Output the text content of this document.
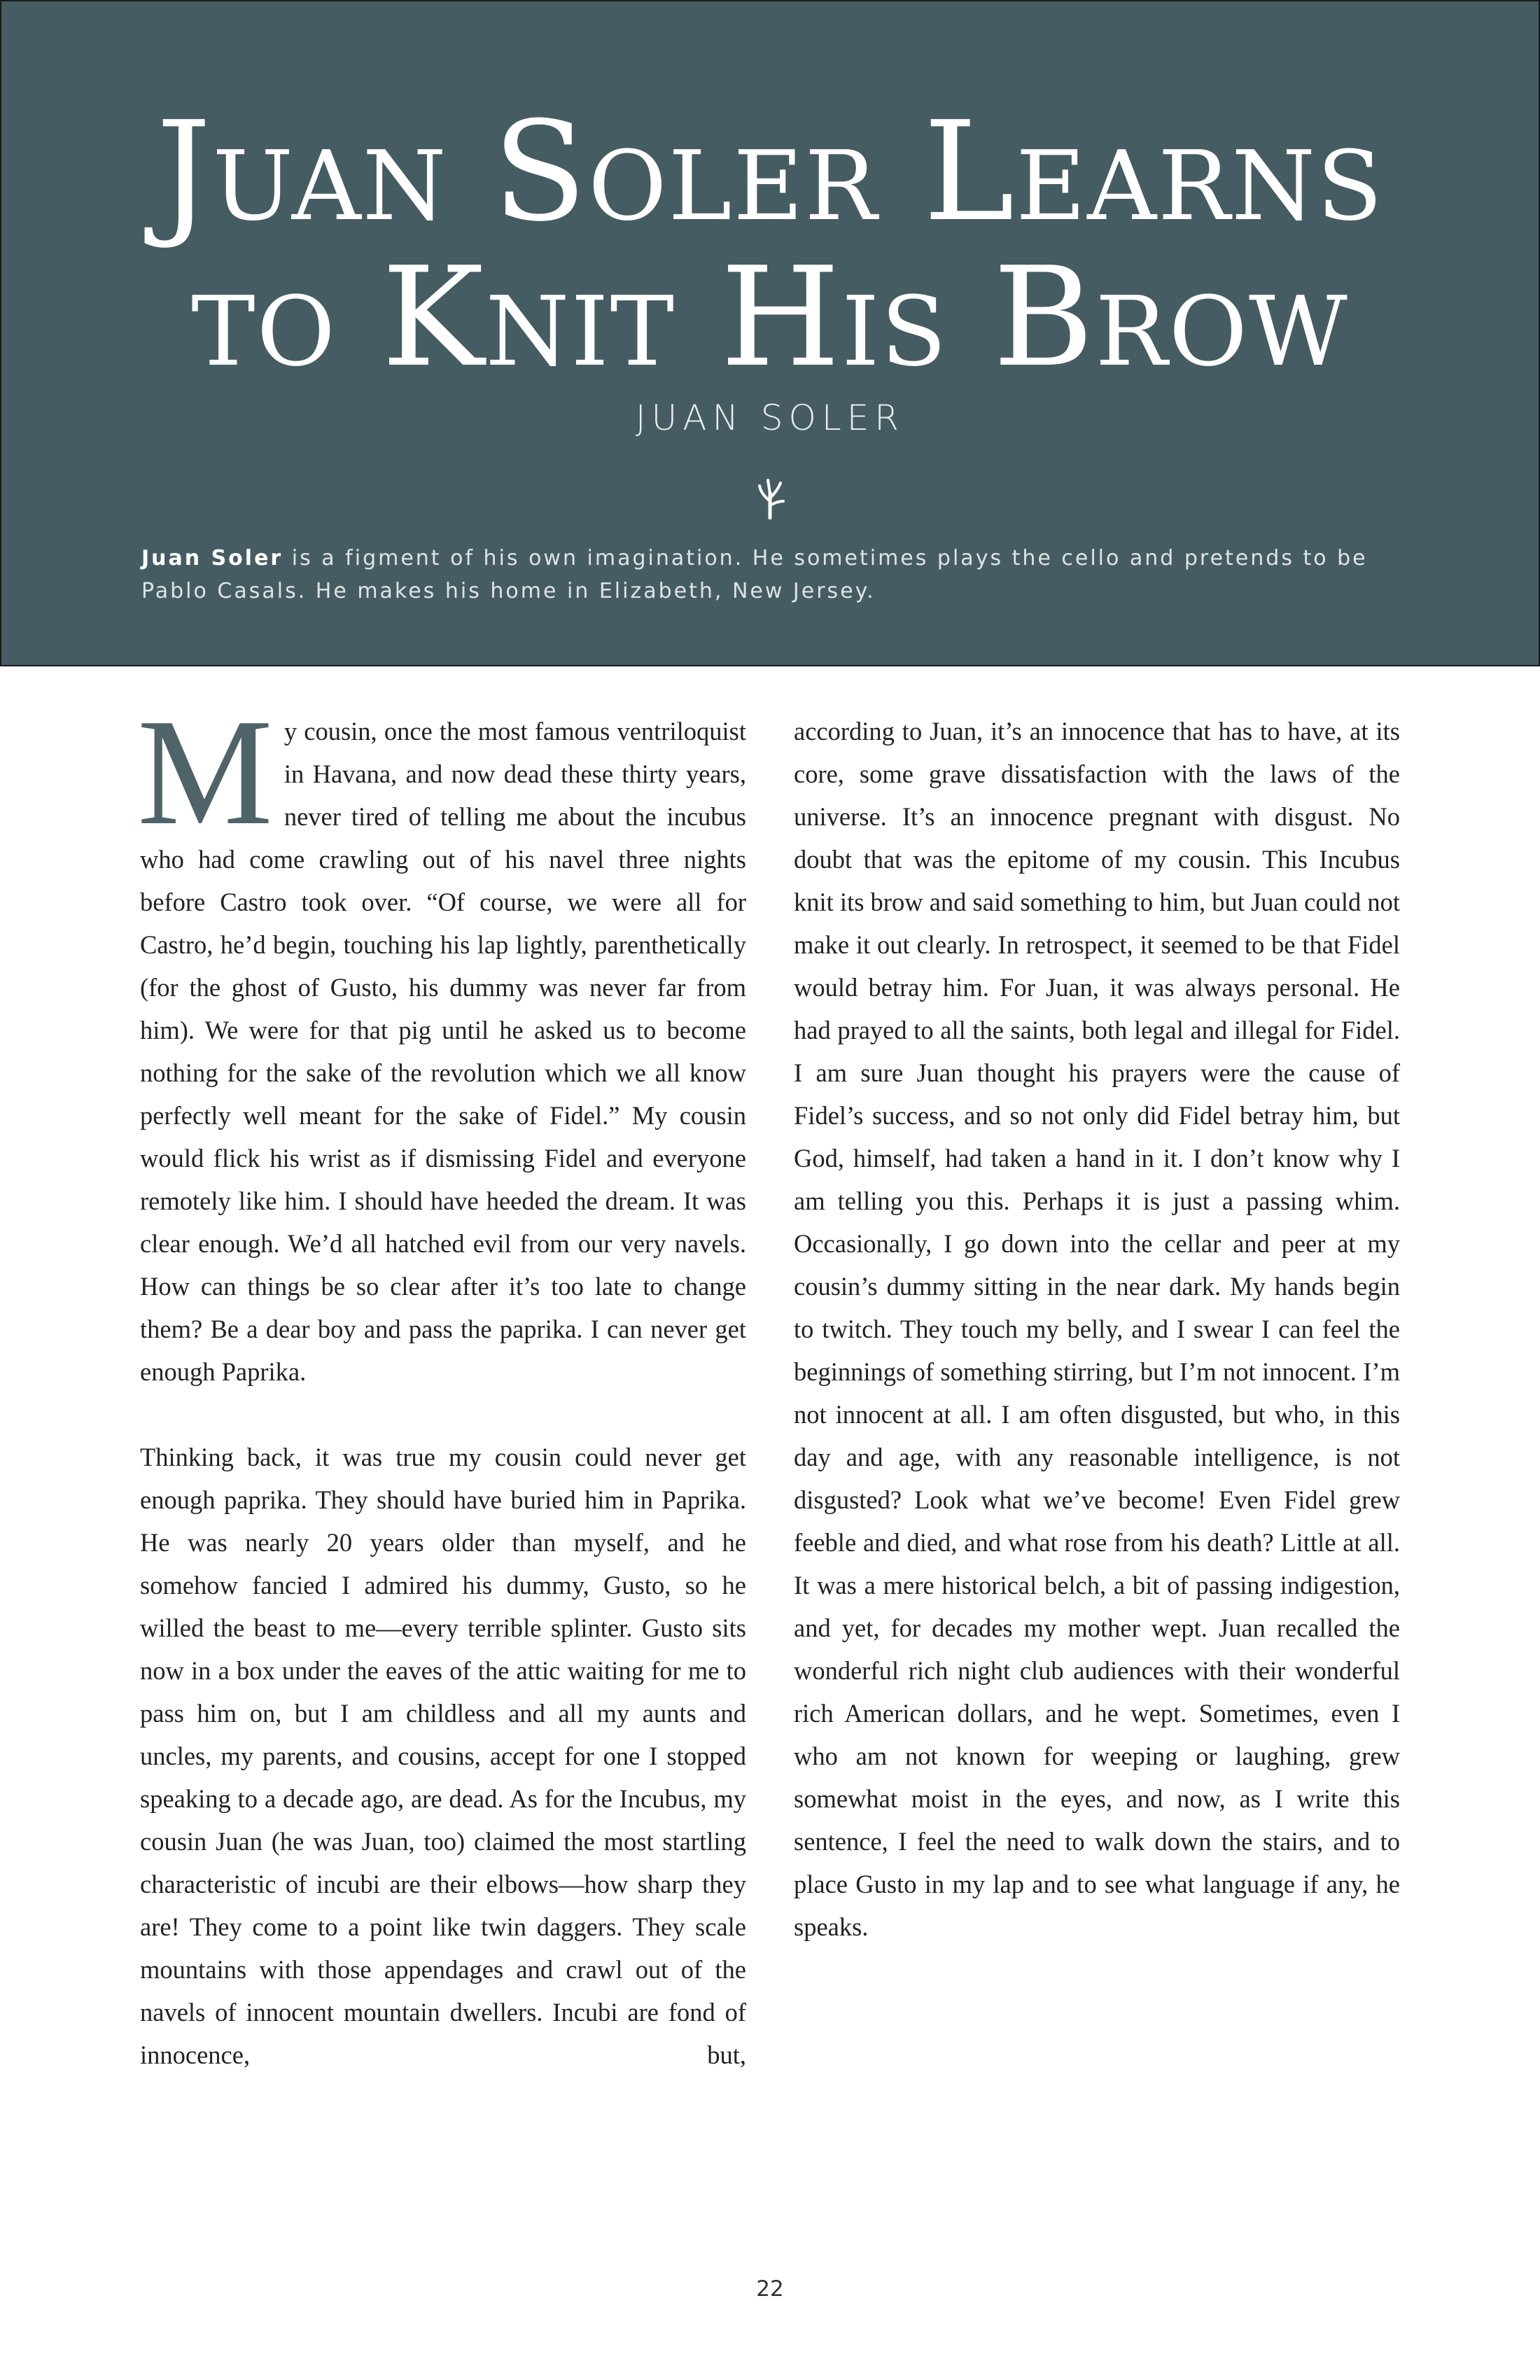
Juan Soler Learns
to Knit His Brow
JUAN SOLER
Juan Soler is a figment of his own imagination. He sometimes plays the cello and pretends to be Pablo Casals. He makes his home in Elizabeth, New Jersey.
M y cousin, once the most famous ventriloquist in Havana, and now dead these thirty years, never tired of telling me about the incubus who had come crawling out of his navel three nights before Castro took over. “Of course, we were all for Castro, he’d begin, touching his lap lightly, parenthetically (for the ghost of Gusto, his dummy was never far from him). We were for that pig until he asked us to become nothing for the sake of the revolution which we all know perfectly well meant for the sake of Fidel.” My cousin would flick his wrist as if dismissing Fidel and everyone remotely like him. I should have heeded the dream. It was clear enough. We’d all hatched evil from our very navels. How can things be so clear after it’s too late to change them? Be a dear boy and pass the paprika. I can never get enough Paprika.

Thinking back, it was true my cousin could never get enough paprika. They should have buried him in Paprika. He was nearly 20 years older than myself, and he somehow fancied I admired his dummy, Gusto, so he willed the beast to me—every terrible splinter. Gusto sits now in a box under the eaves of the attic waiting for me to pass him on, but I am childless and all my aunts and uncles, my parents, and cousins, accept for one I stopped speaking to a decade ago, are dead. As for the Incubus, my cousin Juan (he was Juan, too) claimed the most startling characteristic of incubi are their elbows—how sharp they are! They come to a point like twin daggers. They scale mountains with those appendages and crawl out of the navels of innocent mountain dwellers. Incubi are fond of innocence, but,

according to Juan, it’s an innocence that has to have, at its core, some grave dissatisfaction with the laws of the universe. It’s an innocence pregnant with disgust. No doubt that was the epitome of my cousin. This Incubus knit its brow and said something to him, but Juan could not make it out clearly. In retrospect, it seemed to be that Fidel would betray him. For Juan, it was always personal. He had prayed to all the saints, both legal and illegal for Fidel. I am sure Juan thought his prayers were the cause of Fidel’s success, and so not only did Fidel betray him, but God, himself, had taken a hand in it. I don’t know why I am telling you this. Perhaps it is just a passing whim. Occasionally, I go down into the cellar and peer at my cousin’s dummy sitting in the near dark. My hands begin to twitch. They touch my belly, and I swear I can feel the beginnings of something stirring, but I’m not innocent. I’m not innocent at all. I am often disgusted, but who, in this day and age, with any reasonable intelligence, is not disgusted? Look what we’ve become! Even Fidel grew feeble and died, and what rose from his death? Little at all. It was a mere historical belch, a bit of passing indigestion, and yet, for decades my mother wept. Juan recalled the wonderful rich night club audiences with their wonderful rich American dollars, and he wept. Sometimes, even I who am not known for weeping or laughing, grew somewhat moist in the eyes, and now, as I write this sentence, I feel the need to walk down the stairs, and to place Gusto in my lap and to see what language if any, he speaks.

22
